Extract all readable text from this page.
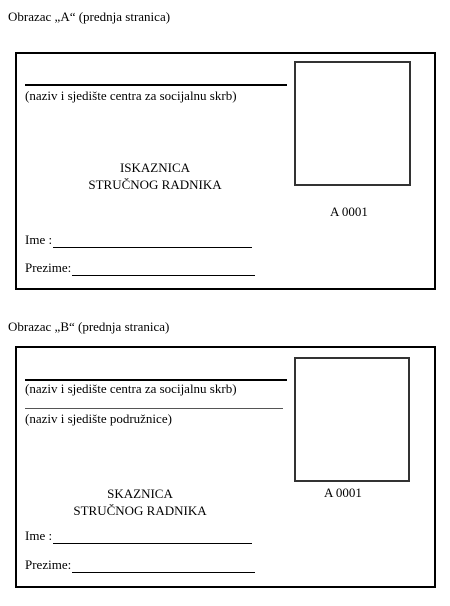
Obrazac „A“ (prednja stranica)
(naziv i sjedište centra za socijalnu skrb)
ISKAZNICA
STRUČNOG RADNIKA
A 0001
Ime :
Prezime:
Obrazac „B“ (prednja stranica)
(naziv i sjedište centra za socijalnu skrb)
(naziv i sjedište podružnice)
SKAZNICA
STRUČNOG RADNIKA
A 0001
Ime :
Prezime:
